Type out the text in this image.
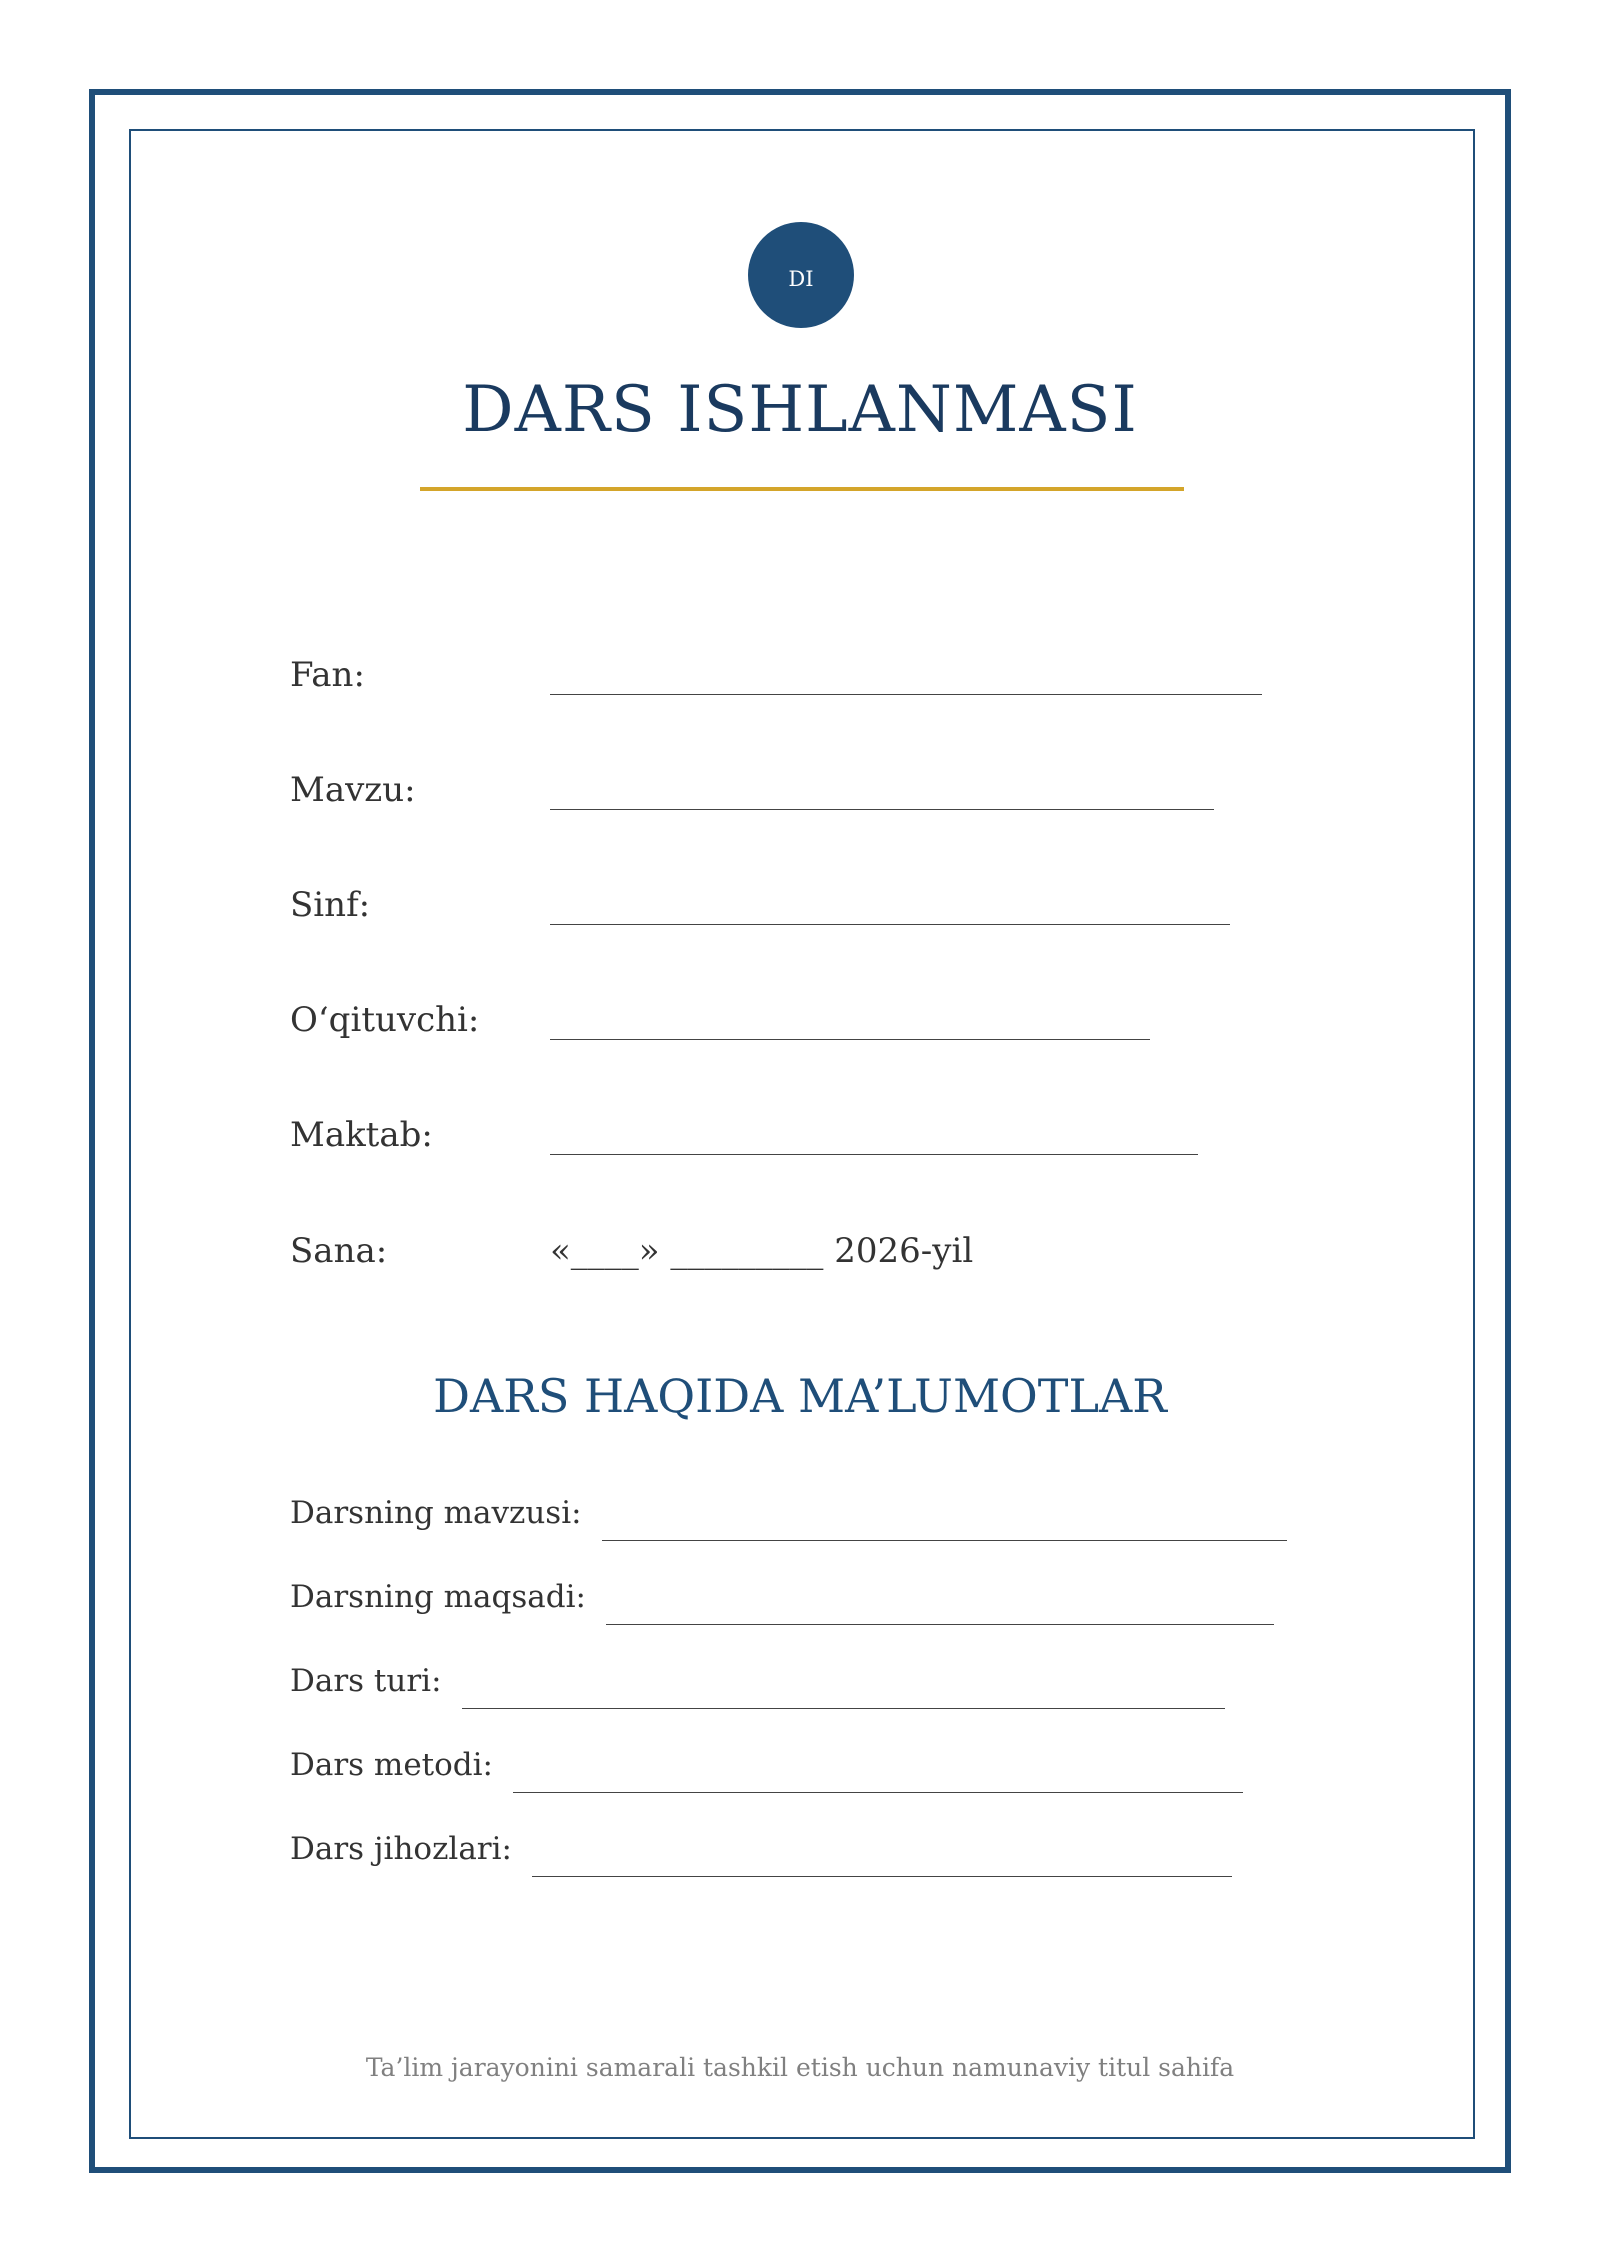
DI
DARS ISHLANMASI
Fan:
Mavzu:
Sinf:
O‘qituvchi:
Maktab:
Sana:	«____» _________ 2026-yil
DARS HAQIDA MA’LUMOTLAR
Darsning mavzusi:
Darsning maqsadi:
Dars turi:
Dars metodi:
Dars jihozlari:
Ta’lim jarayonini samarali tashkil etish uchun namunaviy titul sahifa
